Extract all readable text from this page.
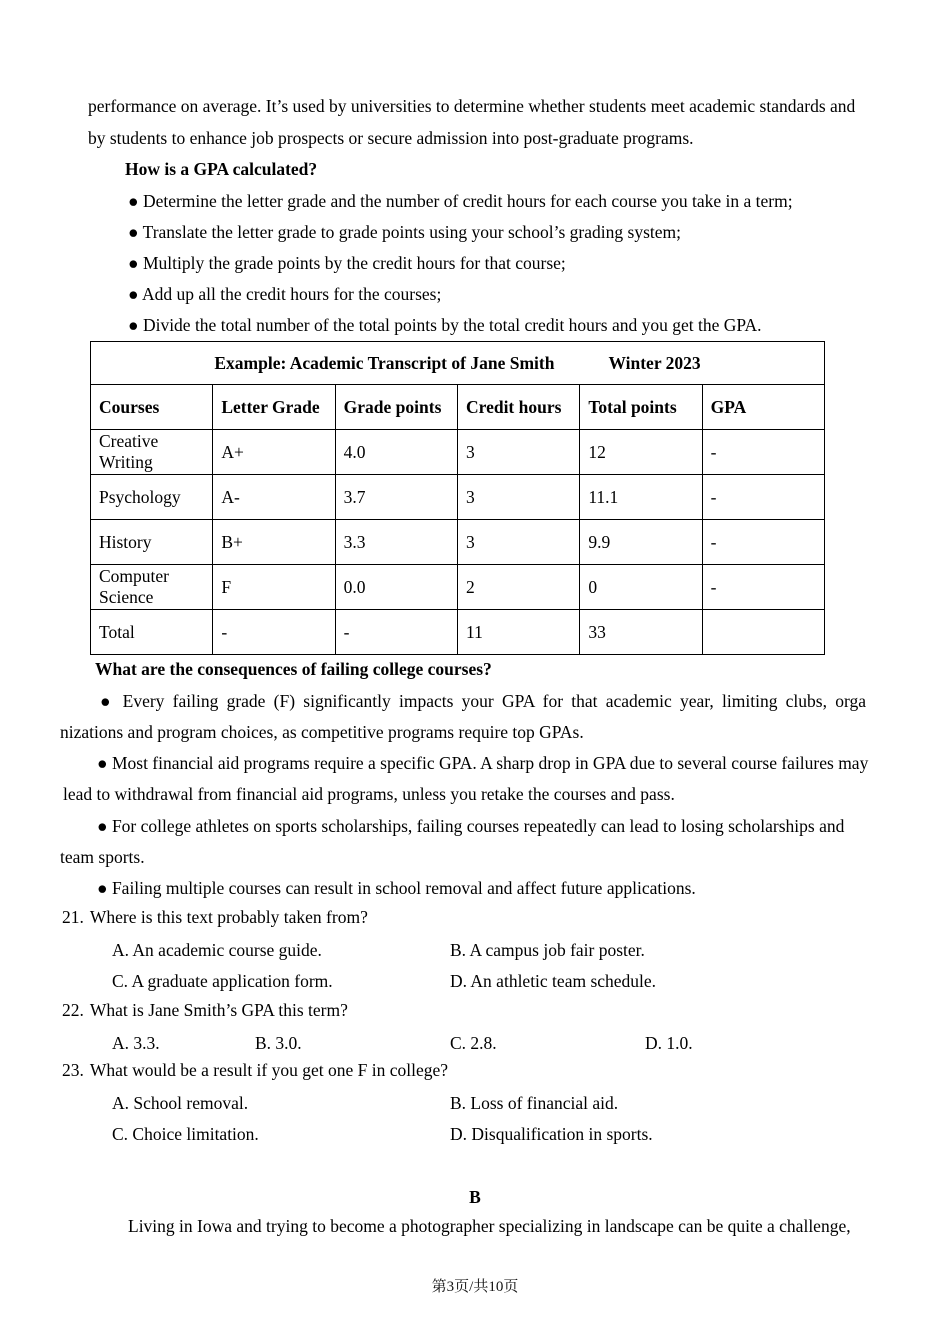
performance on average. It’s used by universities to determine whether students meet academic standards and
by students to enhance job prospects or secure admission into post-graduate programs.
How is a GPA calculated?
● Determine the letter grade and the number of credit hours for each course you take in a term;
● Translate the letter grade to grade points using your school’s grading system;
● Multiply the grade points by the credit hours for that course;
● Add up all the credit hours for the courses;
● Divide the total number of the total points by the total credit hours and you get the GPA.
Example: Academic Transcript of Jane Smith Winter 2023					
Courses	Letter Grade	Grade points	Credit hours	Total points	GPA
Creative Writing	A+	4.0	3	12	-
Psychology	A-	3.7	3	11.1	-
History	B+	3.3	3	9.9	-
Computer Science	F	0.0	2	0	-
Total	-	-	11	33	
What are the consequences of failing college courses?
● Every failing grade (F) significantly impacts your GPA for that academic year, limiting clubs, orga
nizations and program choices, as competitive programs require top GPAs.
● Most financial aid programs require a specific GPA. A sharp drop in GPA due to several course failures may
lead to withdrawal from financial aid programs, unless you retake the courses and pass.
● For college athletes on sports scholarships, failing courses repeatedly can lead to losing scholarships and
team sports.
● Failing multiple courses can result in school removal and affect future applications.
21. Where is this text probably taken from?
A. An academic course guide.	B. A campus job fair poster.
C. A graduate application form.	D. An athletic team schedule.
22. What is Jane Smith’s GPA this term?
A. 3.3.	B. 3.0.	C. 2.8.	D. 1.0.
23. What would be a result if you get one F in college?
A. School removal.	B. Loss of financial aid.
C. Choice limitation.	D. Disqualification in sports.
B
Living in Iowa and trying to become a photographer specializing in landscape can be quite a challenge,
第3页/共10页
